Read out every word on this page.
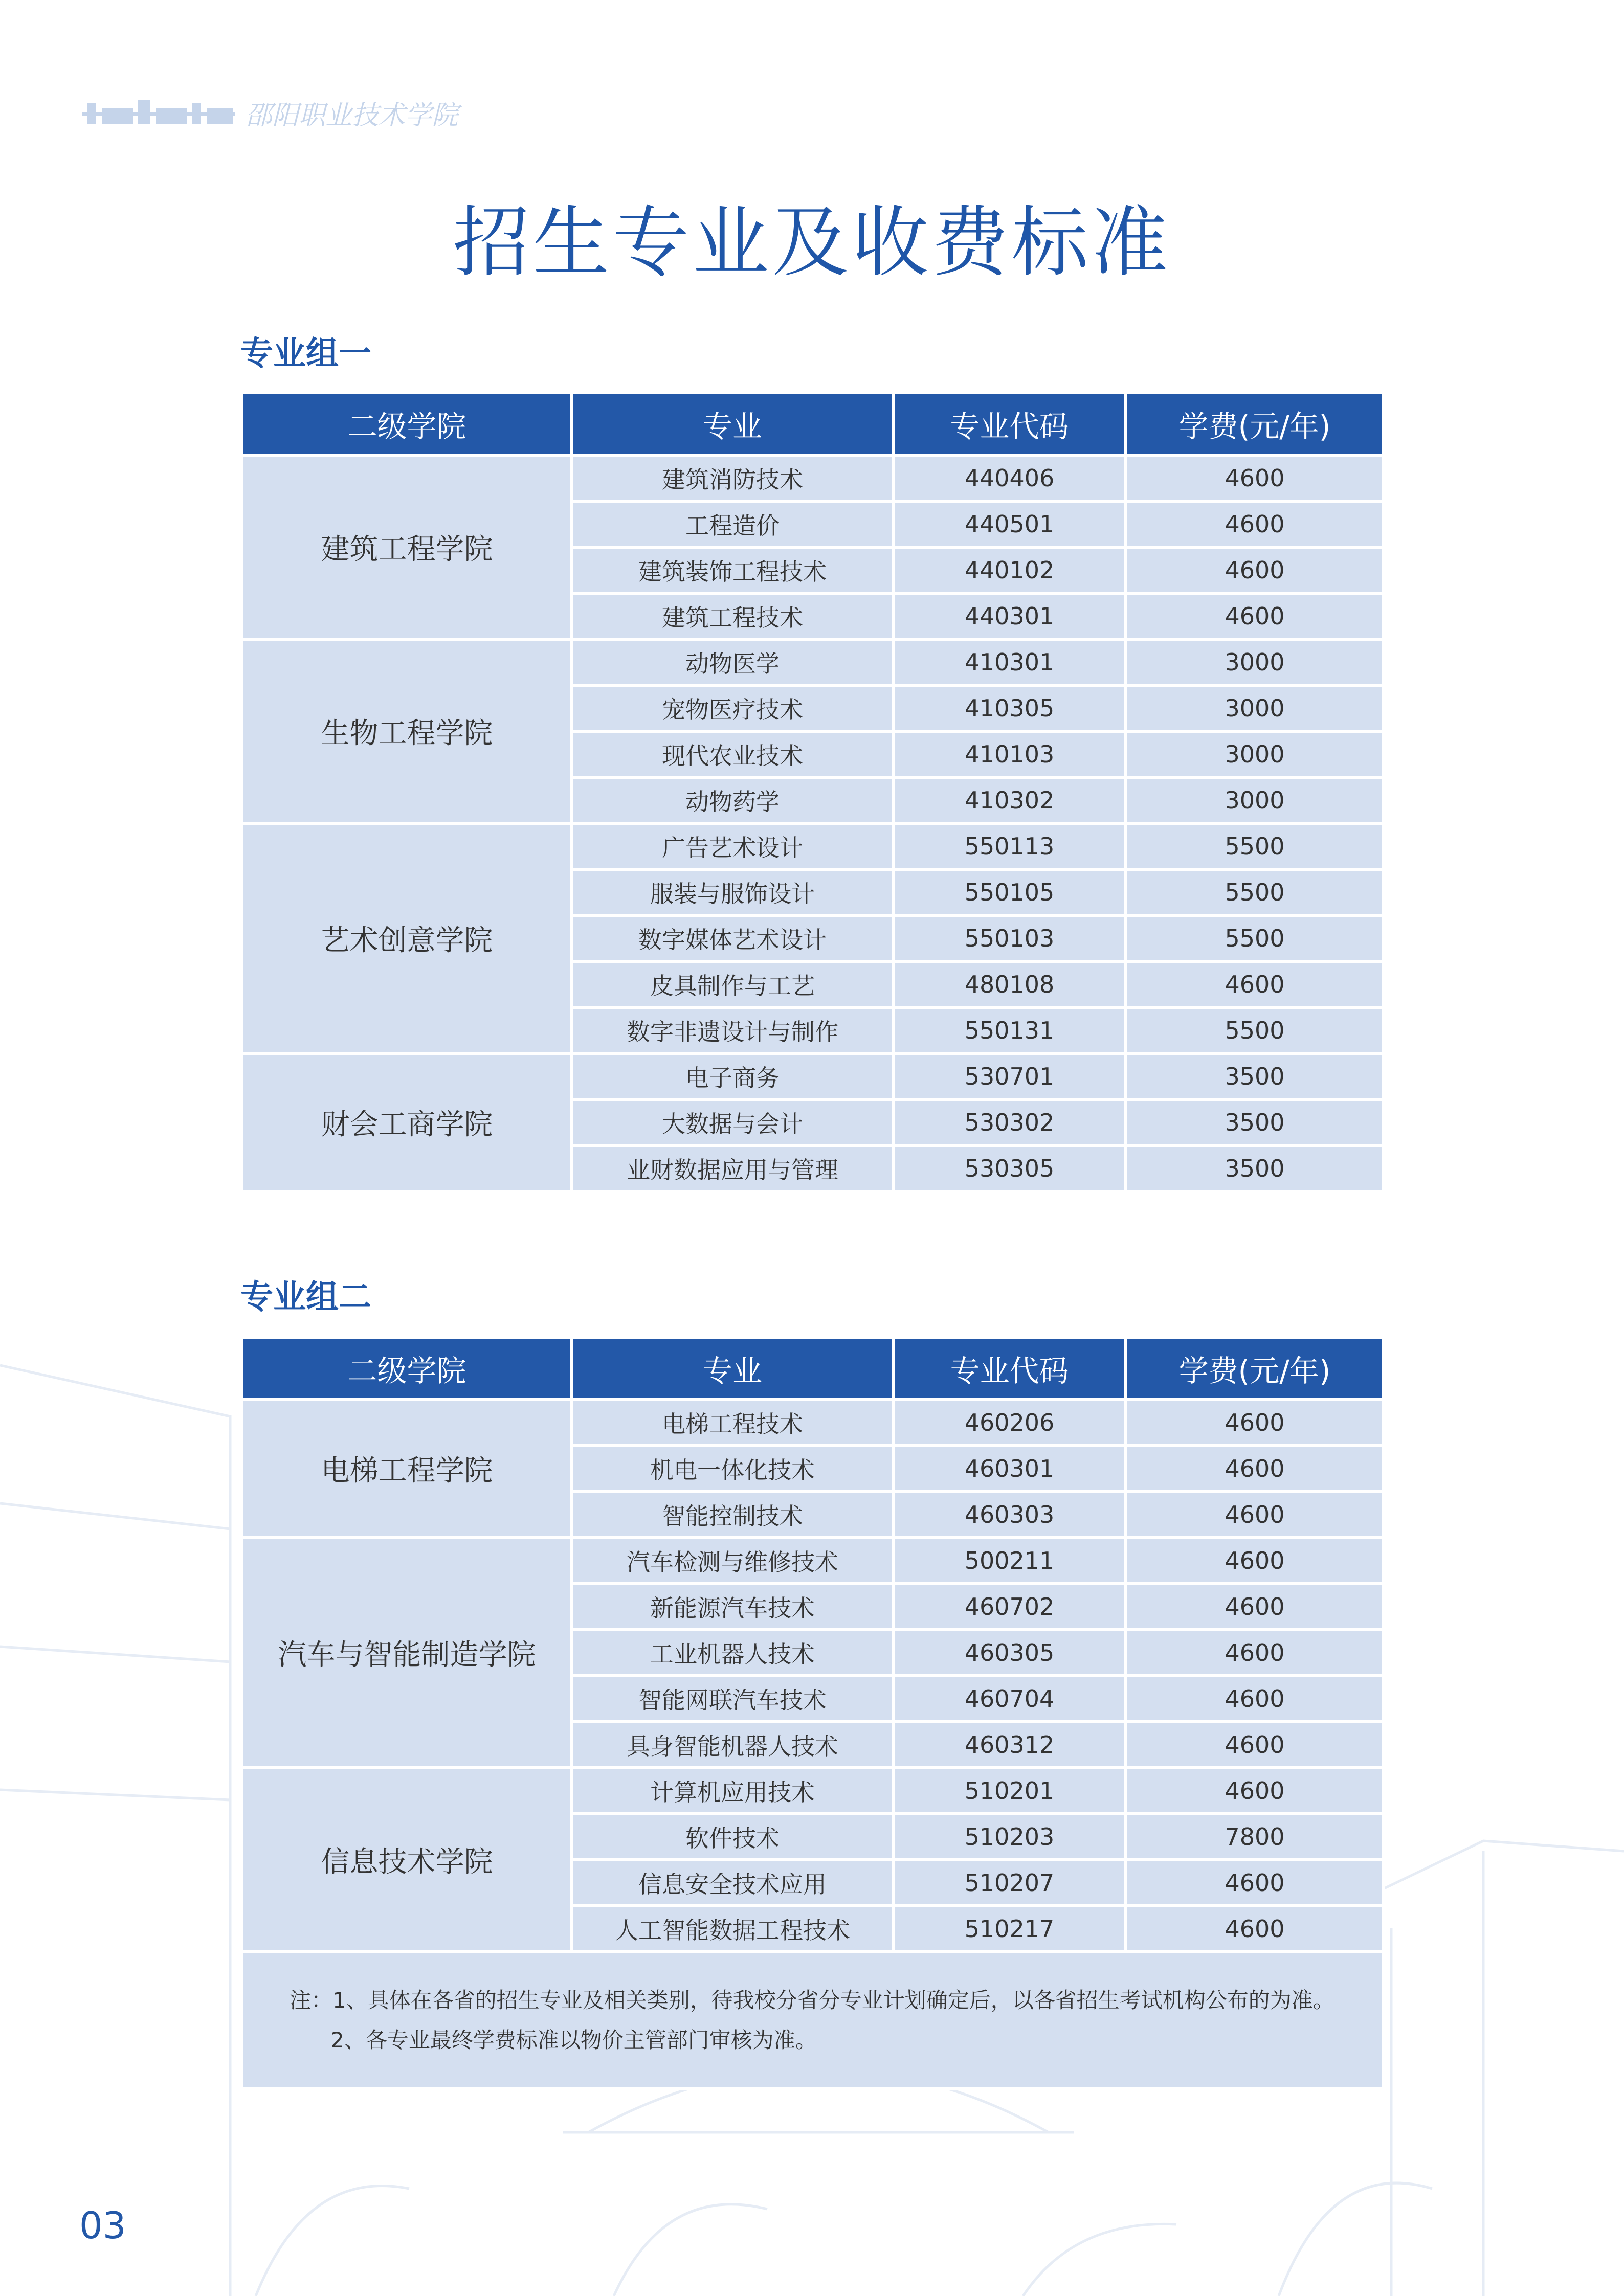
邵阳职业技术学院
招生专业及收费标准
专业组一
二级学院	专业	专业代码	学费(元/年)
建筑工程学院	建筑消防技术	440406	4600
	工程造价	440501	4600
	建筑装饰工程技术	440102	4600
	建筑工程技术	440301	4600
生物工程学院	动物医学	410301	3000
	宠物医疗技术	410305	3000
	现代农业技术	410103	3000
	动物药学	410302	3000
艺术创意学院	广告艺术设计	550113	5500
	服装与服饰设计	550105	5500
	数字媒体艺术设计	550103	5500
	皮具制作与工艺	480108	4600
	数字非遗设计与制作	550131	5500
财会工商学院	电子商务	530701	3500
	大数据与会计	530302	3500
	业财数据应用与管理	530305	3500
专业组二
二级学院	专业	专业代码	学费(元/年)
电梯工程学院	电梯工程技术	460206	4600
	机电一体化技术	460301	4600
	智能控制技术	460303	4600
汽车与智能制造学院	汽车检测与维修技术	500211	4600
	新能源汽车技术	460702	4600
	工业机器人技术	460305	4600
	智能网联汽车技术	460704	4600
	具身智能机器人技术	460312	4600
信息技术学院	计算机应用技术	510201	4600
	软件技术	510203	7800
	信息安全技术应用	510207	4600
	人工智能数据工程技术	510217	4600

注：1、具体在各省的招生专业及相关类别，待我校分省分专业计划确定后，以各省招生考试机构公布的为准。
2、各专业最终学费标准以物价主管部门审核为准。			
03
